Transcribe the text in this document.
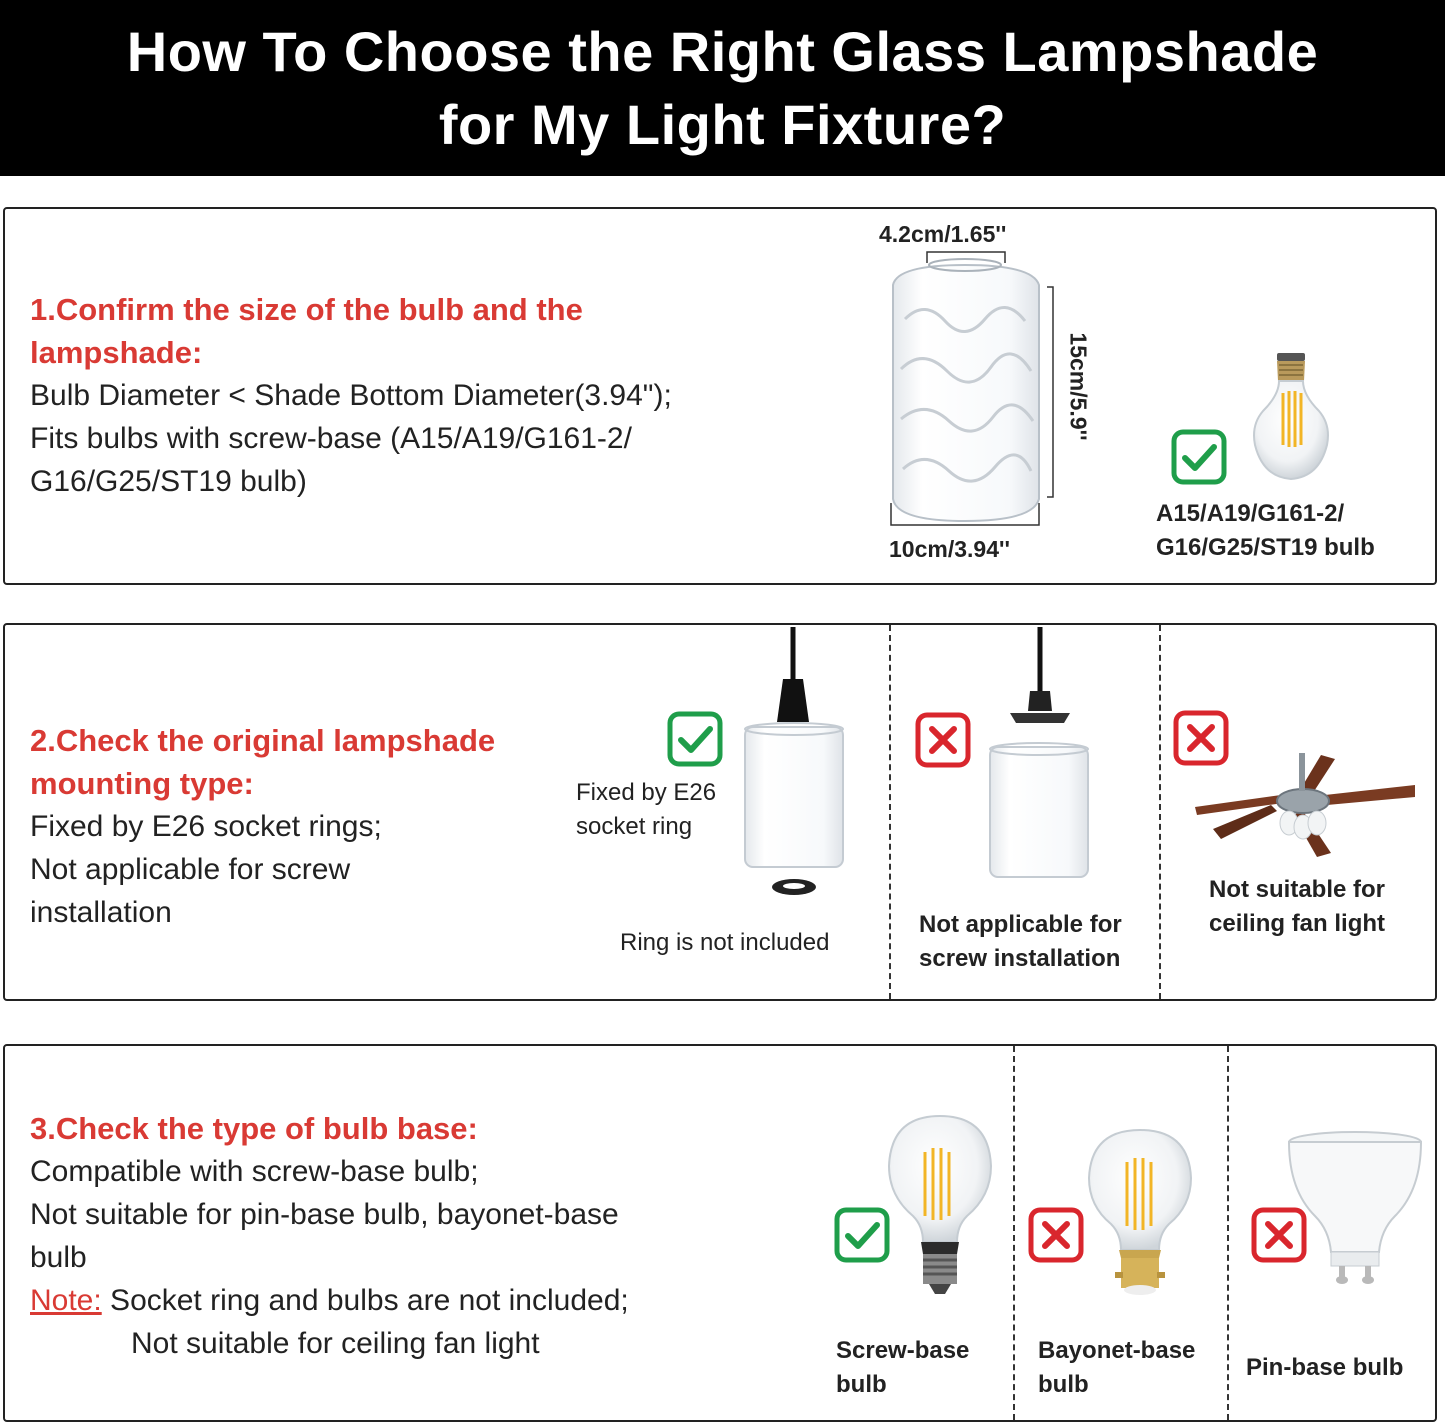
How To Choose the Right Glass Lampshade
for My Light Fixture?
1.Confirm the size of the bulb and the
lampshade:
Bulb Diameter < Shade Bottom Diameter(3.94");
Fits bulbs with screw-base (A15/A19/G161-2/
G16/G25/ST19 bulb)
4.2cm/1.65''
15cm/5.9''
10cm/3.94''
A15/A19/G161-2/
G16/G25/ST19 bulb
2.Check the original lampshade
mounting type:
Fixed by E26 socket rings;
Not applicable for screw
installation
Fixed by E26
socket ring
Ring is not included
Not applicable for
screw installation
Not suitable for
ceiling fan light
3.Check the type of bulb base:
Compatible with screw-base bulb;
Not suitable for pin-base bulb, bayonet-base
bulb
Note: Socket ring and bulbs are not included;
Not suitable for ceiling fan light	Screw-base
bulb
Bayonet-base
bulb
Pin-base bulb
